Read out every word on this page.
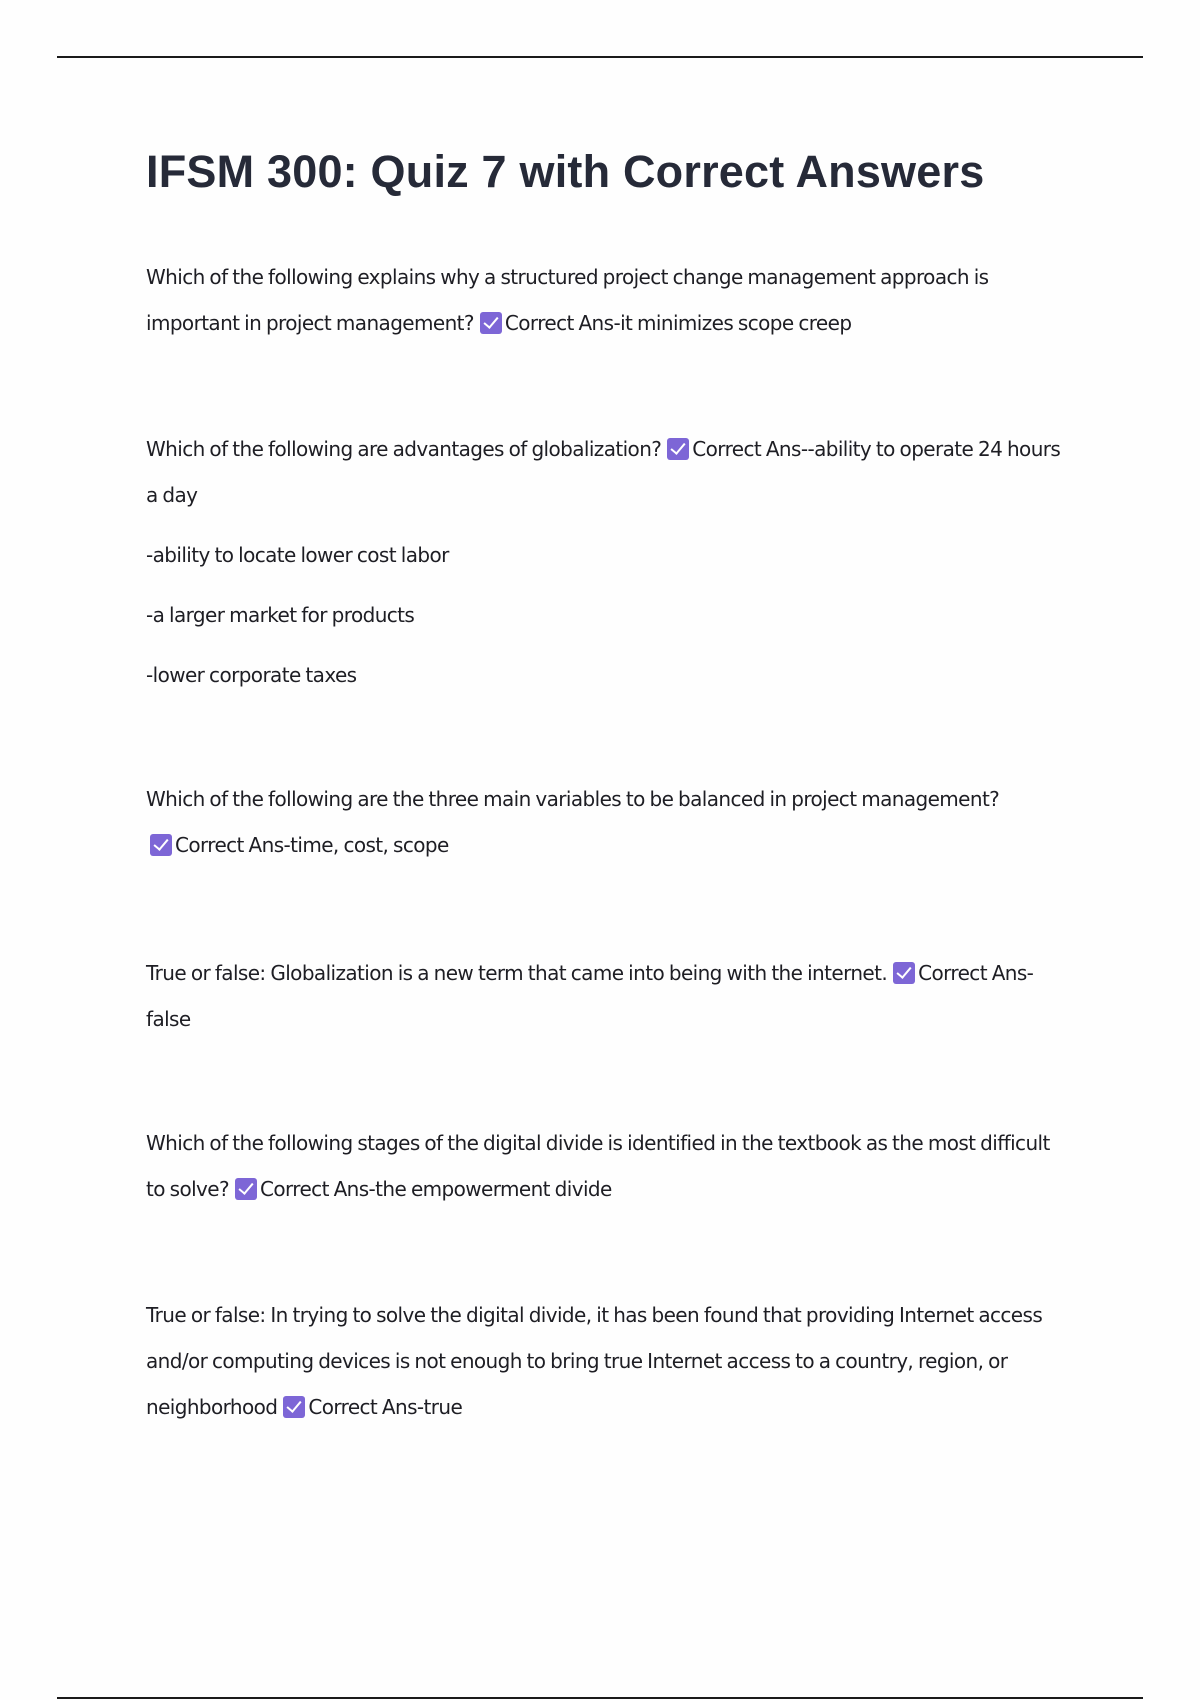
IFSM 300: Quiz 7 with Correct Answers

Which of the following explains why a structured project change management approach is important in project management? Correct Ans-it minimizes scope creep

Which of the following are advantages of globalization? Correct Ans--ability to operate 24 hours a day

-ability to locate lower cost labor

-a larger market for products

-lower corporate taxes

Which of the following are the three main variables to be balanced in project management?
Correct Ans-time, cost, scope

True or false: Globalization is a new term that came into being with the internet. Correct Ans-false

Which of the following stages of the digital divide is identified in the textbook as the most difficult to solve? Correct Ans-the empowerment divide

True or false: In trying to solve the digital divide, it has been found that providing Internet access and/or computing devices is not enough to bring true Internet access to a country, region, or neighborhood Correct Ans-true
